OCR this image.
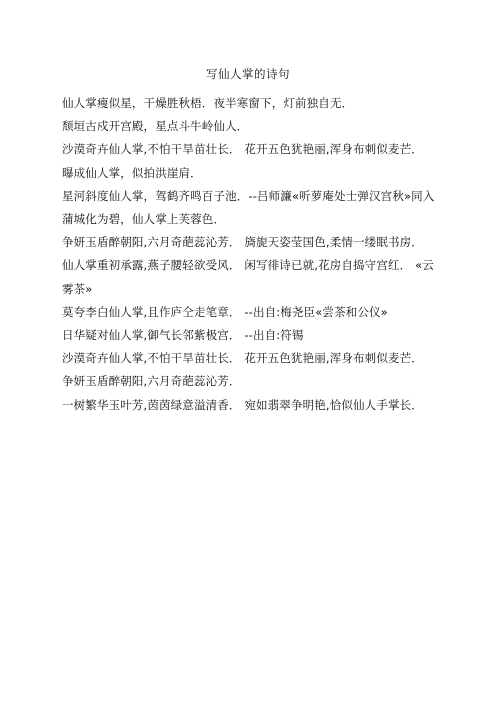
写仙人掌的诗句

仙人掌瘦似星，干燥胜秋梧．夜半寒窗下，灯前独自无．

颓垣古戍开宫殿，星点斗牛岭仙人．

沙漠奇卉仙人掌,不怕干旱苗壮长． 花开五色犹艳丽,浑身布刺似麦芒．

曝成仙人掌，似拍洪崖肩．

星河斜度仙人掌，驾鹤齐鸣百子池．--吕师濂«听萝庵处士弹汉宫秋»同入蒲城化为碧，仙人掌上芙蓉色．

争妍玉盾醉朝阳,六月奇葩蕊沁芳． 旖旎天姿莹国色,柔情一缕眠书房．

仙人掌重初承露,燕子腰轻欲受风． 闲写徘诗已就,花房自捣守宫红． «云雾茶»

莫夸李白仙人掌,且作庐仝走笔章． --出自:梅尧臣«尝茶和公仪»

日华疑对仙人掌,御气长邻紫极宫． --出自:符锡

沙漠奇卉仙人掌,不怕干旱苗壮长． 花开五色犹艳丽,浑身布刺似麦芒．

争妍玉盾醉朝阳,六月奇葩蕊沁芳．

一树繁华玉叶芳,茵茵绿意溢清香． 宛如翡翠争明艳,恰似仙人手掌长．
